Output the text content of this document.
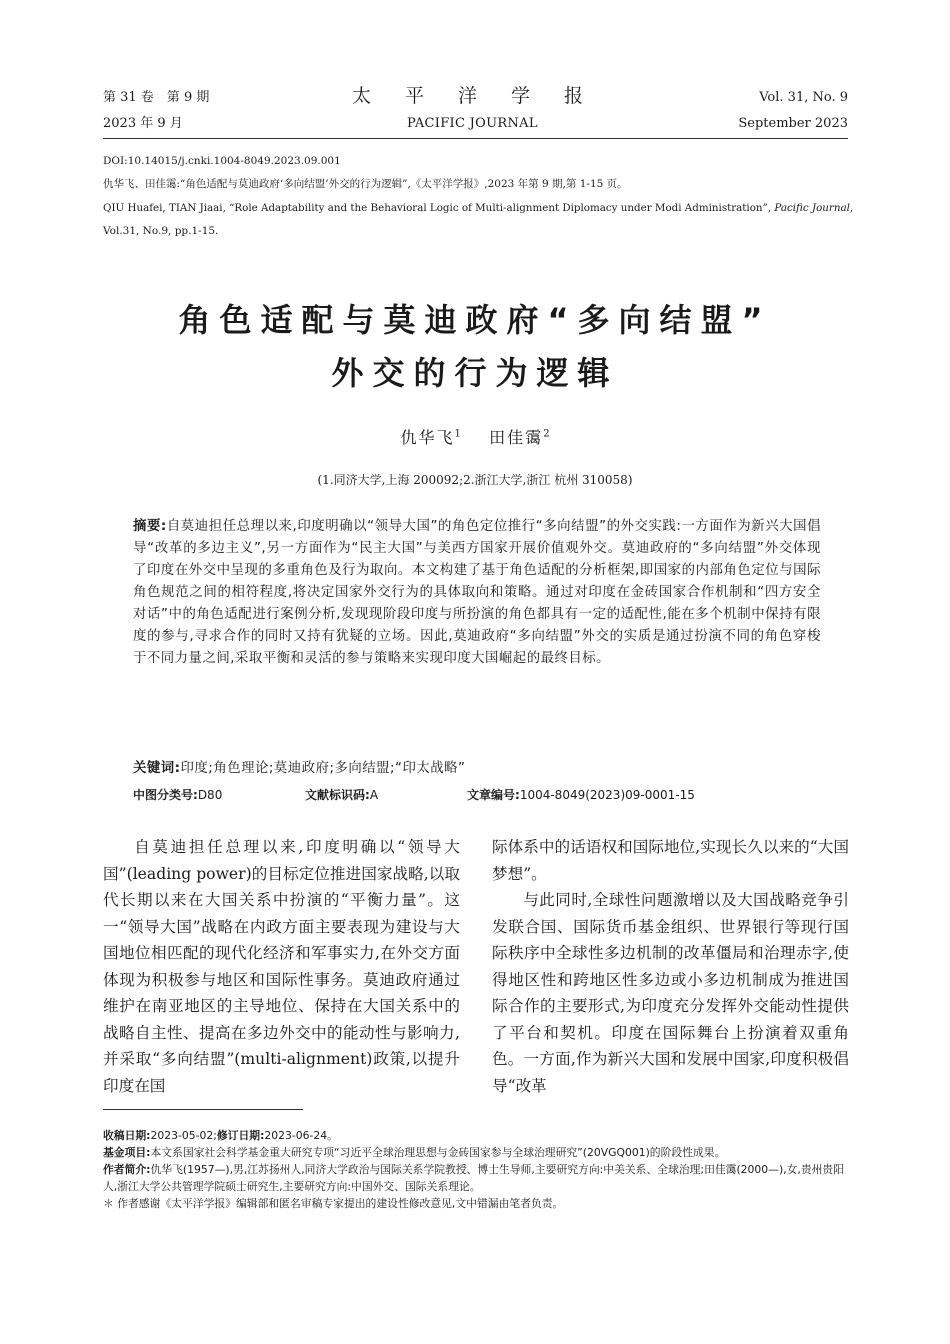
第 31 卷　第 9 期
2023 年 9 月
太平洋学报
PACIFIC JOURNAL
Vol. 31, No. 9
September 2023
DOI:10.14015/j.cnki.1004-8049.2023.09.001
仇华飞、田佳霭:“角色适配与莫迪政府‘多向结盟’外交的行为逻辑”,《太平洋学报》,2023 年第 9 期,第 1-15 页。
QIU Huafei, TIAN Jiaai, “Role Adaptability and the Behavioral Logic of Multi-alignment Diplomacy under Modi Administration”, Pacific Journal,
Vol.31, No.9, pp.1-15.
角色适配与莫迪政府“多向结盟”
外交的行为逻辑
仇华飞$^1$ 田佳霭$^2$
(1.同济大学,上海 200092;2.浙江大学,浙江 杭州 310058)
摘要:自莫迪担任总理以来,印度明确以“领导大国”的角色定位推行“多向结盟”的外交实践:一方面作为新兴大国倡导“改革的多边主义”,另一方面作为“民主大国”与美西方国家开展价值观外交。莫迪政府的“多向结盟”外交体现了印度在外交中呈现的多重角色及行为取向。本文构建了基于角色适配的分析框架,即国家的内部角色定位与国际角色规范之间的相符程度,将决定国家外交行为的具体取向和策略。通过对印度在金砖国家合作机制和“四方安全对话”中的角色适配进行案例分析,发现现阶段印度与所扮演的角色都具有一定的适配性,能在多个机制中保持有限度的参与,寻求合作的同时又持有犹疑的立场。因此,莫迪政府“多向结盟”外交的实质是通过扮演不同的角色穿梭于不同力量之间,采取平衡和灵活的参与策略来实现印度大国崛起的最终目标。
关键词:印度;角色理论;莫迪政府;多向结盟;“印太战略”
中图分类号:D80	文献标识码:A	文章编号:1004-8049(2023)09-0001-15

自莫迪担任总理以来,印度明确以“领导大国”(leading power)的目标定位推进国家战略,以取代长期以来在大国关系中扮演的“平衡力量”。这一“领导大国”战略在内政方面主要表现为建设与大国地位相匹配的现代化经济和军事实力,在外交方面体现为积极参与地区和国际性事务。莫迪政府通过维护在南亚地区的主导地位、保持在大国关系中的战略自主性、提高在多边外交中的能动性与影响力,并采取“多向结盟”(multi-alignment)政策,以提升印度在国

际体系中的话语权和国际地位,实现长久以来的“大国梦想”。

与此同时,全球性问题激增以及大国战略竞争引发联合国、国际货币基金组织、世界银行等现行国际秩序中全球性多边机制的改革僵局和治理赤字,使得地区性和跨地区性多边或小多边机制成为推进国际合作的主要形式,为印度充分发挥外交能动性提供了平台和契机。印度在国际舞台上扮演着双重角色。一方面,作为新兴大国和发展中国家,印度积极倡导“改革

收稿日期:2023-05-02;修订日期:2023-06-24。

基金项目:本文系国家社会科学基金重大研究专项“习近平全球治理思想与金砖国家参与全球治理研究”(20VGQ001)的阶段性成果。

作者简介:仇华飞(1957—),男,江苏扬州人,同济大学政治与国际关系学院教授、博士生导师,主要研究方向:中美关系、全球治理;田佳霭(2000—),女,贵州贵阳人,浙江大学公共管理学院硕士研究生,主要研究方向:中国外交、国际关系理论。

＊ 作者感谢《太平洋学报》编辑部和匿名审稿专家提出的建设性修改意见,文中错漏由笔者负责。
